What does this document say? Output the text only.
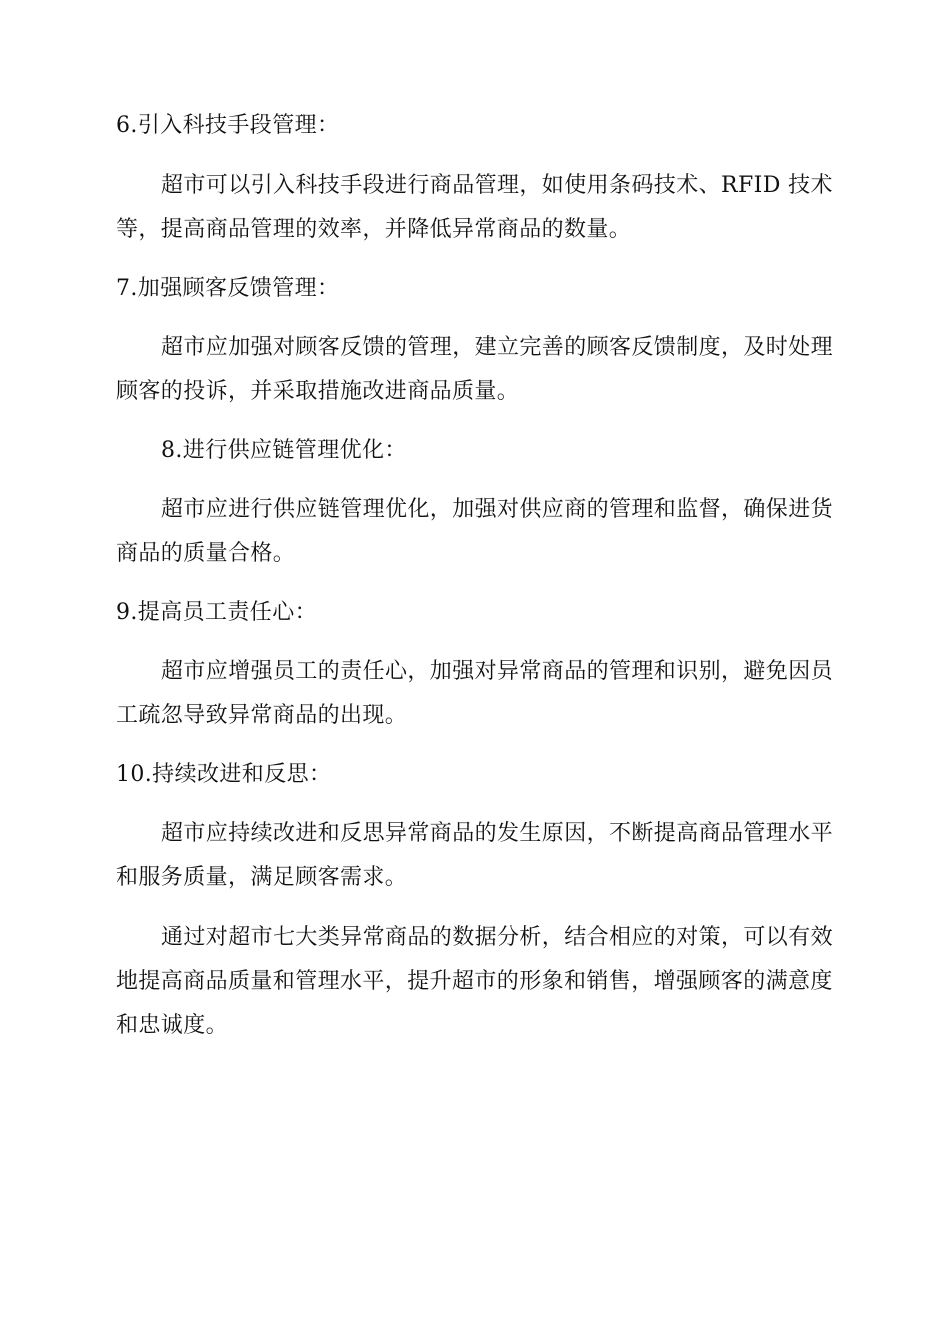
6.引入科技手段管理：
超市可以引入科技手段进行商品管理，如使用条码技术、RFID 技术
等，提高商品管理的效率，并降低异常商品的数量。
7.加强顾客反馈管理：
超市应加强对顾客反馈的管理，建立完善的顾客反馈制度，及时处理
顾客的投诉，并采取措施改进商品质量。
8.进行供应链管理优化：
超市应进行供应链管理优化，加强对供应商的管理和监督，确保进货
商品的质量合格。
9.提高员工责任心：
超市应增强员工的责任心，加强对异常商品的管理和识别，避免因员
工疏忽导致异常商品的出现。
10.持续改进和反思：
超市应持续改进和反思异常商品的发生原因，不断提高商品管理水平
和服务质量，满足顾客需求。
通过对超市七大类异常商品的数据分析，结合相应的对策，可以有效
地提高商品质量和管理水平，提升超市的形象和销售，增强顾客的满意度
和忠诚度。
